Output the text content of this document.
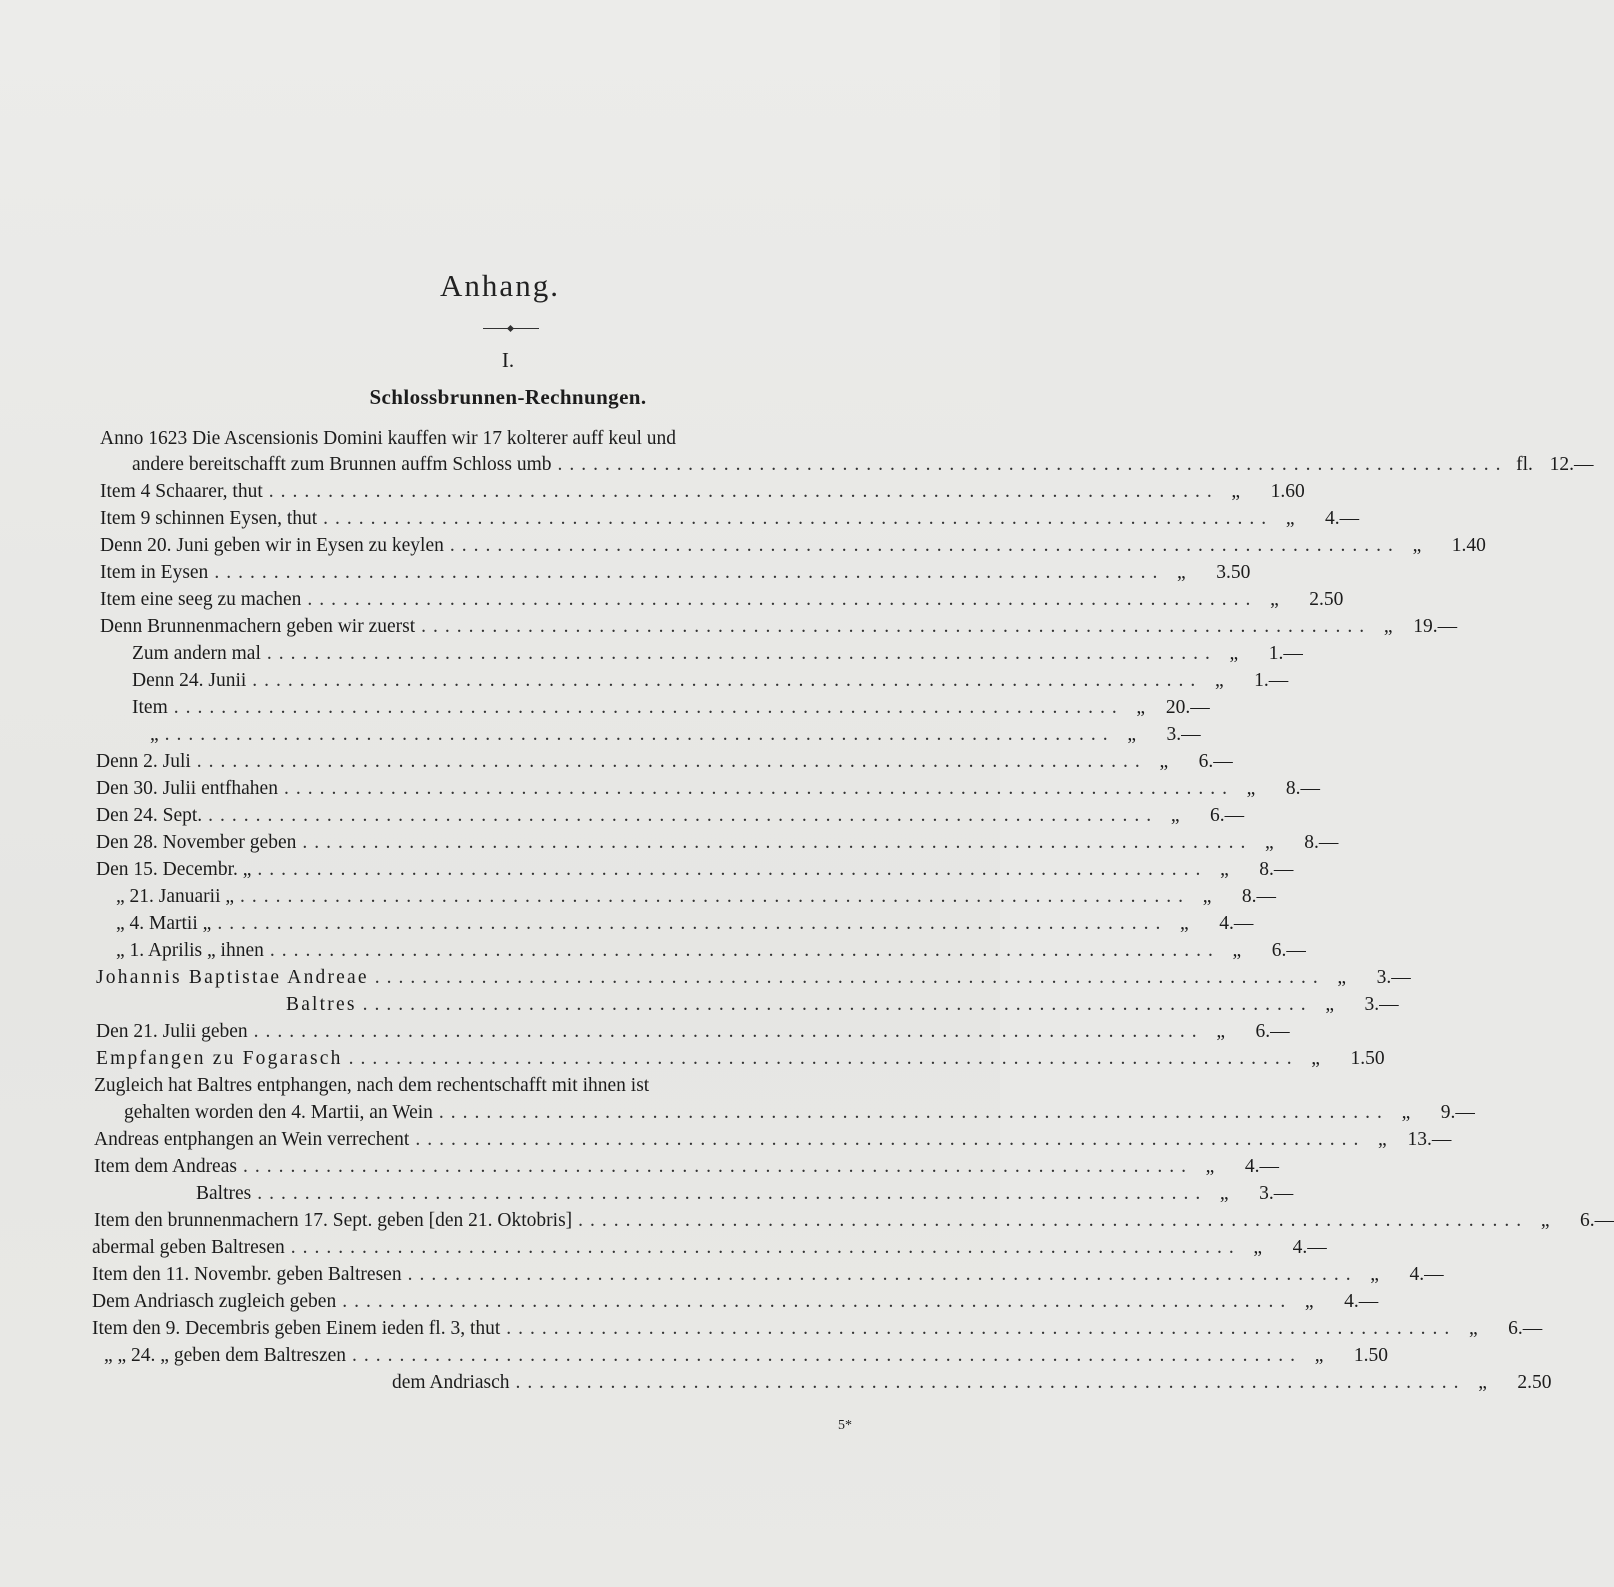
Anhang.
I.
Schlossbrunnen-Rechnungen.
Anno 1623 Die Ascensionis Domini kauffen wir 17 kolterer auff keul und
andere bereitschafft zum Brunnen auffm Schloss umb ................................................................................ fl. 12.—
Item 4 Schaarer, thut ................................................................................ „	1.60
Item 9 schinnen Eysen, thut ................................................................................ „	4.—
Denn 20. Juni geben wir in Eysen zu keylen ................................................................................ „	1.40
Item in Eysen ................................................................................ „	3.50
Item eine seeg zu machen ................................................................................ „	2.50
Denn Brunnenmachern geben wir zuerst ................................................................................ „	19.—
Zum andern mal ................................................................................ „	1.—
Denn 24. Junii ................................................................................ „	1.—
Item ................................................................................ „	20.—
„ ................................................................................ „	3.—
Denn 2. Juli ................................................................................ „	6.—
Den 30. Julii entfhahen ................................................................................ „	8.—
Den 24. Sept. ................................................................................ „	6.—
Den 28. November geben ................................................................................ „	8.—
Den 15. Decembr. „ ................................................................................ „	8.—
„ 21. Januarii „ ................................................................................ „	8.—
„ 4. Martii „ ................................................................................ „	4.—
„ 1. Aprilis „ ihnen ................................................................................ „	6.—
Johannis Baptistae Andreae ................................................................................ „	3.—
Baltres ................................................................................ „	3.—
Den 21. Julii geben ................................................................................ „	6.—
Empfangen zu Fogarasch ................................................................................ „	1.50
Zugleich hat Baltres entphangen, nach dem rechentschafft mit ihnen ist
gehalten worden den 4. Martii, an Wein ................................................................................ „	9.—
Andreas entphangen an Wein verrechent ................................................................................ „	13.—
Item dem Andreas ................................................................................ „	4.—
Baltres ................................................................................ „	3.—
Item den brunnenmachern 17. Sept. geben [den 21. Oktobris] ................................................................................ „	6.—
abermal geben Baltresen ................................................................................ „	4.—
Item den 11. Novembr. geben Baltresen ................................................................................ „	4.—
Dem Andriasch zugleich geben ................................................................................ „	4.—
Item den 9. Decembris geben Einem ieden fl. 3, thut ................................................................................ „	6.—
„ „ 24. „ geben dem Baltreszen ................................................................................ „	1.50
dem Andriasch ................................................................................ „	2.50
5*
